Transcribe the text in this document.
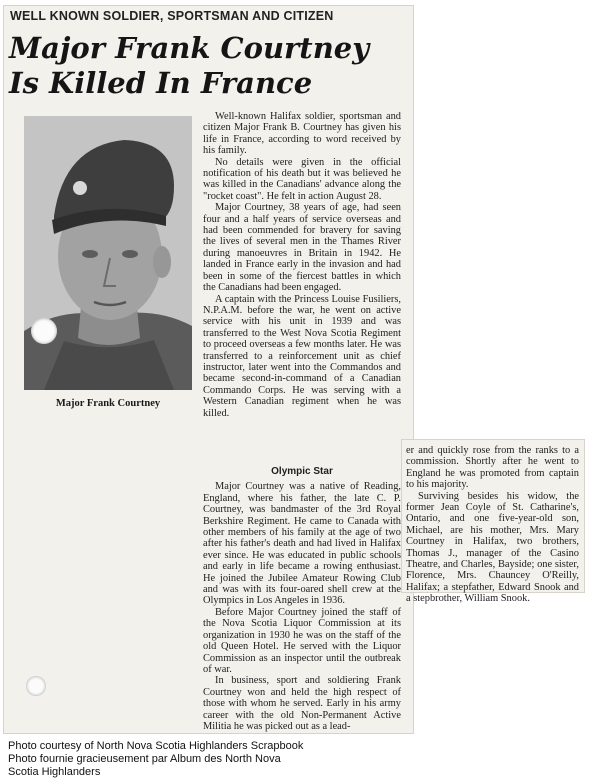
WELL KNOWN SOLDIER, SPORTSMAN AND CITIZEN
Major Frank Courtney
Is Killed In France
Major Frank Courtney

Well-known Halifax soldier, sportsman and citizen Major Frank B. Courtney has given his life in France, according to word received by his family.

No details were given in the official notification of his death but it was believed he was killed in the Canadians' advance along the "rocket coast". He felt in action August 28.

Major Courtney, 38 years of age, had seen four and a half years of service overseas and had been commended for bravery for saving the lives of several men in the Thames River during manoeuvres in Britain in 1942. He landed in France early in the invasion and had been in some of the fiercest battles in which the Canadians had been engaged.

A captain with the Princess Louise Fusiliers, N.P.A.M. before the war, he went on active service with his unit in 1939 and was transferred to the West Nova Scotia Regiment to proceed overseas a few months later. He was transferred to a reinforcement unit as chief instructor, later went into the Commandos and became second-in-command of a Canadian Commando Corps. He was serving with a Western Canadian regiment when he was killed.

Olympic Star

Major Courtney was a native of Reading, England, where his father, the late C. P. Courtney, was bandmaster of the 3rd Royal Berkshire Regiment. He came to Canada with other members of his family at the age of two after his father's death and had lived in Halifax ever since. He was educated in public schools and early in life became a rowing enthusiast. He joined the Jubilee Amateur Rowing Club and was with its four-oared shell crew at the Olympics in Los Angeles in 1936.

Before Major Courtney joined the staff of the Nova Scotia Liquor Commission at its organization in 1930 he was on the staff of the old Queen Hotel. He served with the Liquor Commission as an inspector until the outbreak of war.

In business, sport and soldiering Frank Courtney won and held the high respect of those with whom he served. Early in his army career with the old Non-Permanent Active Militia he was picked out as a lead-

er and quickly rose from the ranks to a commission. Shortly after he went to England he was promoted from captain to his majority.

Surviving besides his widow, the former Jean Coyle of St. Catharine's, Ontario, and one five-year-old son, Michael, are his mother, Mrs. Mary Courtney in Halifax, two brothers, Thomas J., manager of the Casino Theatre, and Charles, Bayside; one sister, Florence, Mrs. Chauncey O'Reilly, Halifax; a stepfather, Edward Snook and a stepbrother, William Snook.

Photo courtesy of North Nova Scotia Highlanders Scrapbook
Photo fournie gracieusement par Album des North Nova
Scotia Highlanders
